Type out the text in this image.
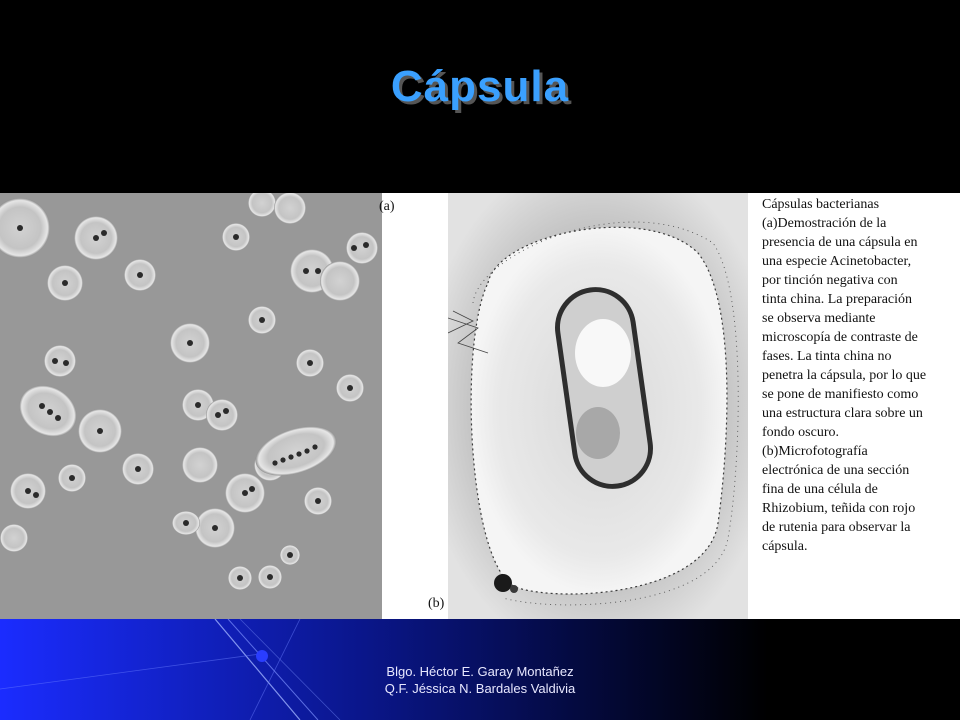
Cápsula
(a)
(b)
Cápsulas bacterianas
(a)Demostración de la
presencia de una cápsula en
una especie Acinetobacter,
por tinción negativa con
tinta china. La preparación
se observa mediante
microscopía de contraste de
fases. La tinta china no
penetra la cápsula, por lo que
se pone de manifiesto como
una estructura clara sobre un
fondo oscuro.
(b)Microfotografía
electrónica de una sección
fina de una célula de
Rhizobium, teñida con rojo
de rutenia para observar la
cápsula.
Blgo. Héctor E. Garay Montañez
Q.F. Jéssica N. Bardales Valdivia
